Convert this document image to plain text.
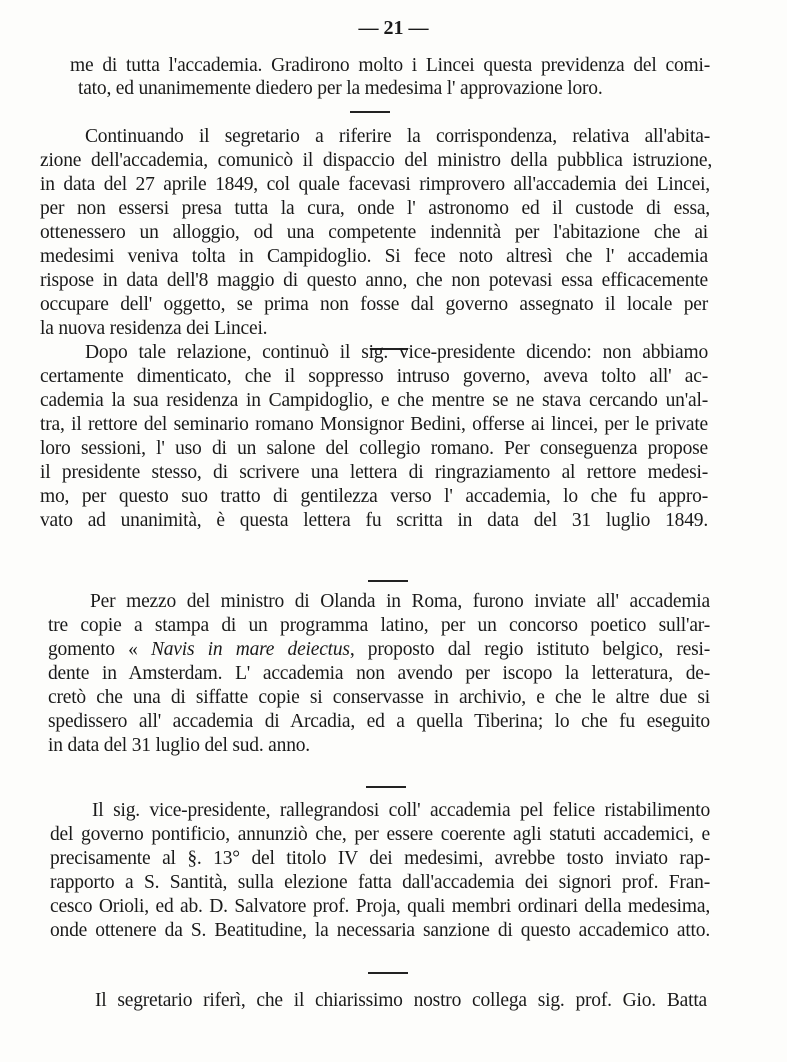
— 21 —
me di tutta l'accademia. Gradirono molto i Lincei questa previdenza del comi-
tato, ed unanimemente diedero per la medesima l' approvazione loro.
Continuando il segretario a riferire la corrispondenza, relativa all'abita-
zione dell'accademia, comunicò il dispaccio del ministro della pubblica istruzione,
in data del 27 aprile 1849, col quale facevasi rimprovero all'accademia dei Lincei,
per non essersi presa tutta la cura, onde l' astronomo ed il custode di essa,
ottenessero un alloggio, od una competente indennità per l'abitazione che ai
medesimi veniva tolta in Campidoglio. Si fece noto altresì che l' accademia
rispose in data dell'8 maggio di questo anno, che non potevasi essa efficacemente
occupare dell' oggetto, se prima non fosse dal governo assegnato il locale per
la nuova residenza dei Lincei.
Dopo tale relazione, continuò il sig. vice-presidente dicendo: non abbiamo
certamente dimenticato, che il soppresso intruso governo, aveva tolto all' ac-
cademia la sua residenza in Campidoglio, e che mentre se ne stava cercando un'al-
tra, il rettore del seminario romano Monsignor Bedini, offerse ai lincei, per le private
loro sessioni, l' uso di un salone del collegio romano. Per conseguenza propose
il presidente stesso, di scrivere una lettera di ringraziamento al rettore medesi-
mo, per questo suo tratto di gentilezza verso l' accademia, lo che fu appro-
vato ad unanimità, è questa lettera fu scritta in data del 31 luglio 1849.
Per mezzo del ministro di Olanda in Roma, furono inviate all' accademia
tre copie a stampa di un programma latino, per un concorso poetico sull'ar-
gomento « Navis in mare deiectus, proposto dal regio istituto belgico, resi-
dente in Amsterdam. L' accademia non avendo per iscopo la letteratura, de-
cretò che una di siffatte copie si conservasse in archivio, e che le altre due si
spedissero all' accademia di Arcadia, ed a quella Tiberina; lo che fu eseguito
in data del 31 luglio del sud. anno.
Il sig. vice-presidente, rallegrandosi coll' accademia pel felice ristabilimento
del governo pontificio, annunziò che, per essere coerente agli statuti accademici, e
precisamente al §. 13° del titolo IV dei medesimi, avrebbe tosto inviato rap-
rapporto a S. Santità, sulla elezione fatta dall'accademia dei signori prof. Fran-
cesco Orioli, ed ab. D. Salvatore prof. Proja, quali membri ordinari della medesima,
onde ottenere da S. Beatitudine, la necessaria sanzione di questo accademico atto.
Il segretario riferì, che il chiarissimo nostro collega sig. prof. Gio. Batta
